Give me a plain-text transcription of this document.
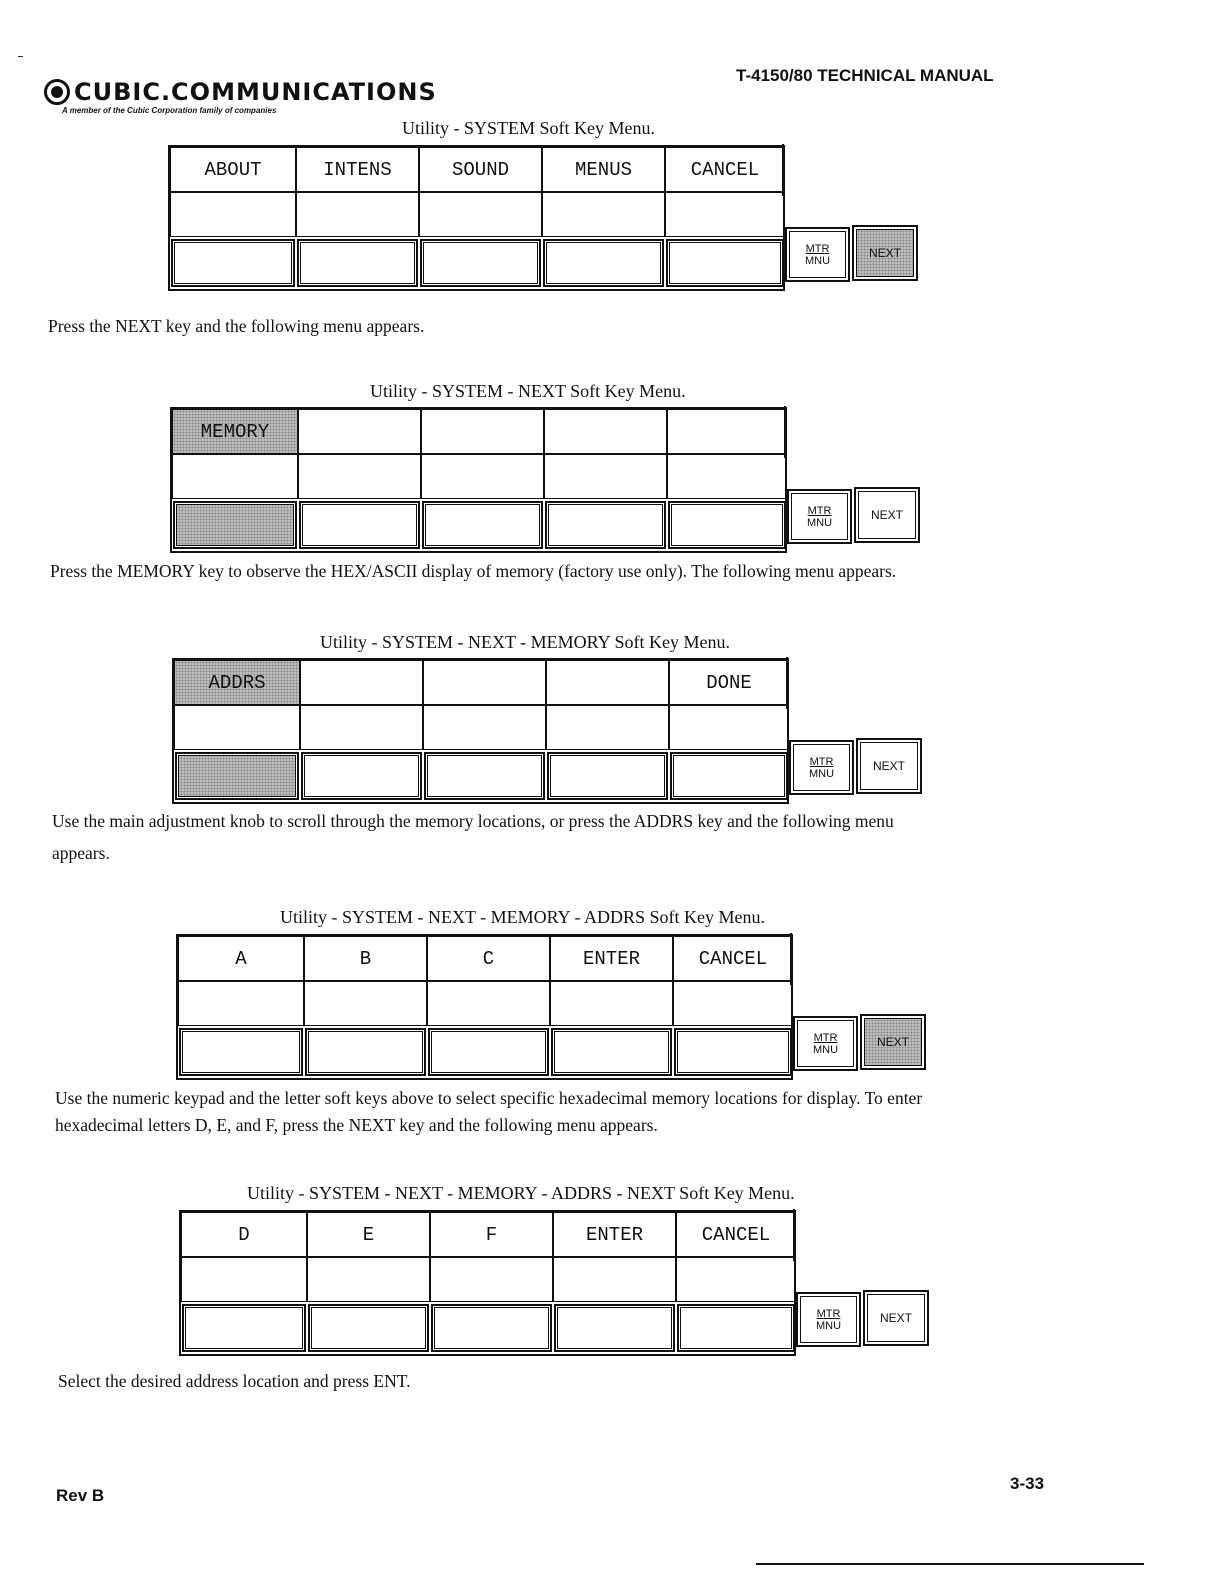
CUBIC.COMMUNICATIONS
A member of the Cubic Corporation family of companies
T-4150/80 TECHNICAL MANUAL
Utility - SYSTEM Soft Key Menu.
ABOUT	INTENS	SOUND	MENUS	CANCEL
MTR
MNU
NEXT
Utility - SYSTEM - NEXT Soft Key Menu.
MEMORY
MTR
MNU
NEXT
Utility - SYSTEM - NEXT - MEMORY Soft Key Menu.
ADDRS	DONE
MTR
MNU
NEXT
Utility - SYSTEM - NEXT - MEMORY - ADDRS Soft Key Menu.
A	B	C	ENTER	CANCEL
MTR
MNU
NEXT
Utility - SYSTEM - NEXT - MEMORY - ADDRS - NEXT Soft Key Menu.
D	E	F	ENTER	CANCEL
MTR
MNU
NEXT
Press the NEXT key and the following menu appears.
Press the MEMORY key to observe the HEX/ASCII display of memory (factory use only). The following menu appears.
Use the main adjustment knob to scroll through the memory locations, or press the ADDRS key and the following menu
appears.
Use the numeric keypad and the letter soft keys above to select specific hexadecimal memory locations for display. To enter
hexadecimal letters D, E, and F, press the NEXT key and the following menu appears.
Select the desired address location and press ENT.
Rev B
3-33
